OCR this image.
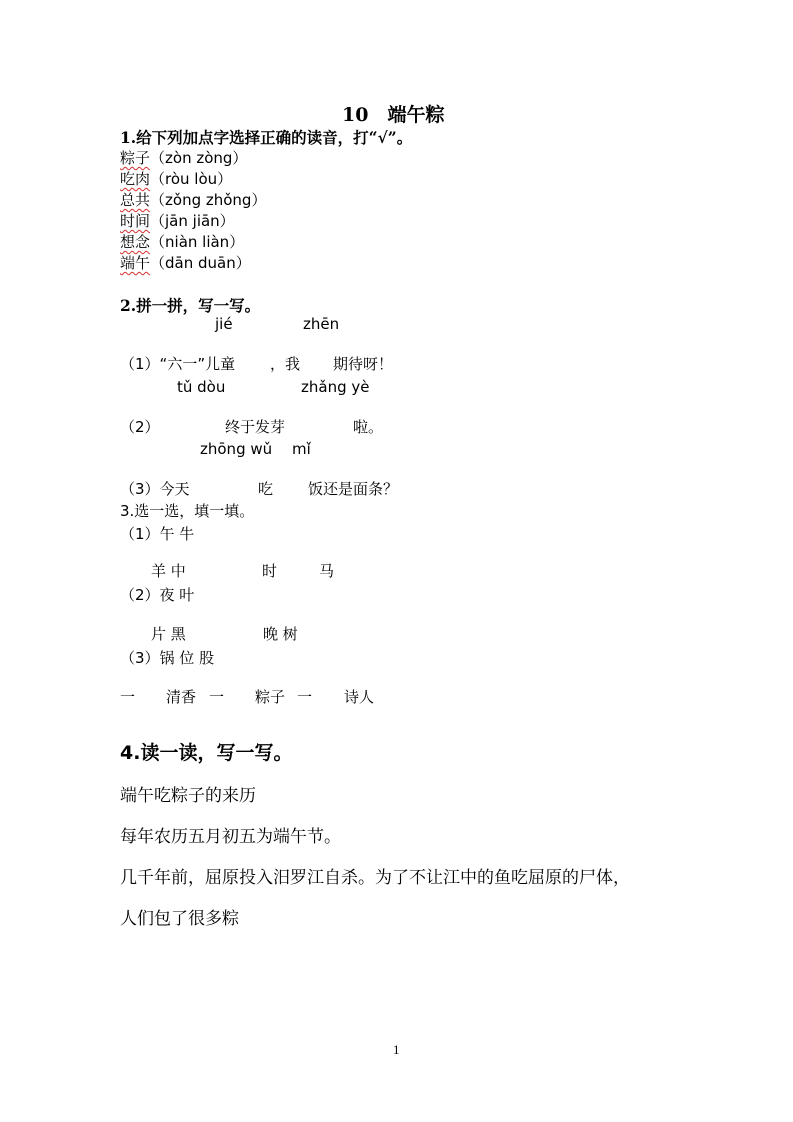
10　端午粽
1.给下列加点字选择正确的读音，打“√”。
粽子（zòn zòng）
吃肉（ròu lòu）
总共（zǒng zhǒng）
时间（jān jiān）
想念（niàn liàn）
端午（dān duān）
2.拼一拼，写一写。
jié	zhēn
（1）“六一”儿童 ，我 期待呀！
tǔ dòu	zhǎng yè
（2）	终于发芽	啦。
zhōng wǔ mǐ
（3）今天	吃 饭还是面条？
3.选一选，填一填。
（1）午 牛
羊 中	时	马
（2）夜 叶
片 黑	晚 树
（3）锅 位 股
一 清香 一 粽子 一 诗人
4.读一读，写一写。
端午吃粽子的来历
每年农历五月初五为端午节。
几千年前，屈原投入汨罗江自杀。为了不让江中的鱼吃屈原的尸体，
人们包了很多粽
1
